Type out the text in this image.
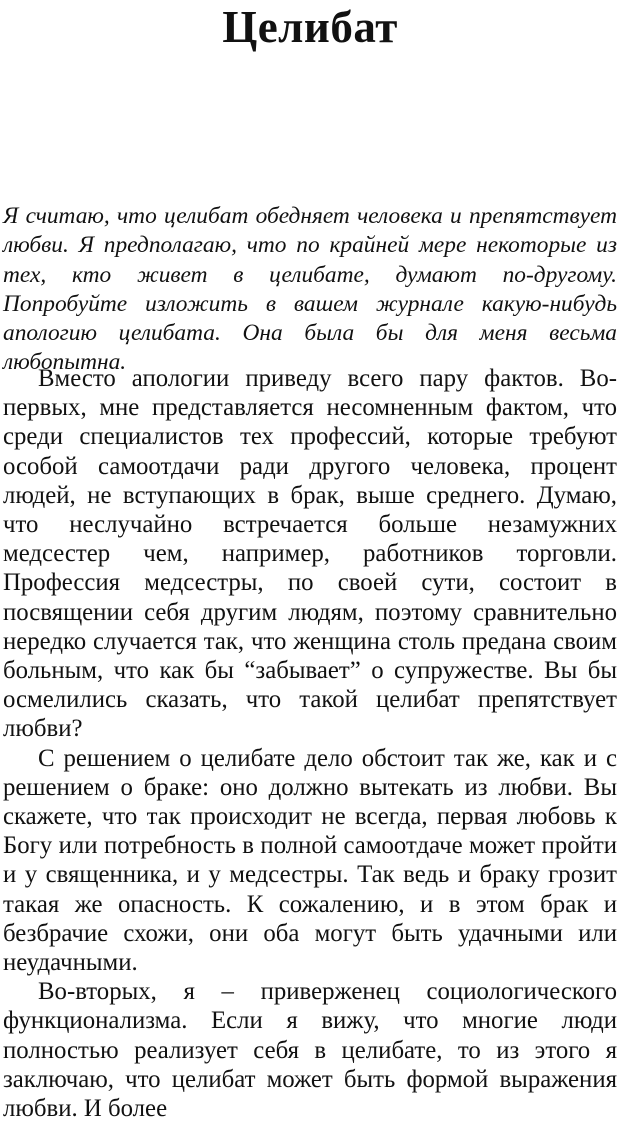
Целибат

Я считаю, что целибат обедняет человека и препятствует любви. Я предполагаю, что по крайней мере некоторые из тех, кто живет в целибате, думают по-другому. Попробуйте изложить в вашем журнале какую-нибудь апологию целибата. Она была бы для меня весьма любопытна.

Вместо апологии приведу всего пару фактов. Во-первых, мне представляется несомненным фактом, что среди специалистов тех профессий, которые требуют особой самоотдачи ради другого человека, процент людей, не вступающих в брак, выше среднего. Думаю, что неслучайно встречается больше незамужних медсестер чем, например, работников торговли. Профессия медсестры, по своей сути, состоит в посвящении себя другим людям, поэтому сравнительно нередко случается так, что женщина столь предана своим больным, что как бы “забывает” о супружестве. Вы бы осмелились сказать, что такой целибат препятствует любви?

С решением о целибате дело обстоит так же, как и с решением о браке: оно должно вытекать из любви. Вы скажете, что так происходит не всегда, первая любовь к Богу или потребность в полной самоотдаче может пройти и у священника, и у медсестры. Так ведь и браку грозит такая же опасность. К сожалению, и в этом брак и безбрачие схожи, они оба могут быть удачными или неудачными.

Во-вторых, я – приверженец социологического функционализма. Если я вижу, что многие люди полностью реализует себя в целибате, то из этого я заключаю, что целибат может быть формой выражения любви. И более
